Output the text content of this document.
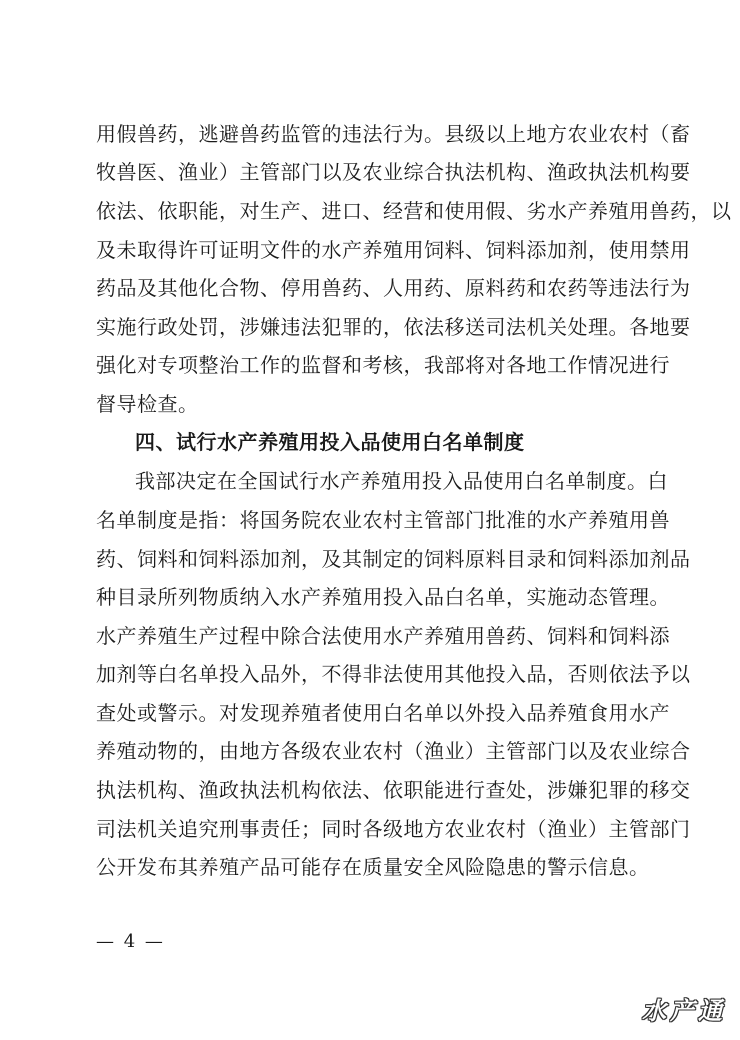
用假兽药，逃避兽药监管的违法行为。县级以上地方农业农村（畜
牧兽医、渔业）主管部门以及农业综合执法机构、渔政执法机构要
依法、依职能，对生产、进口、经营和使用假、劣水产养殖用兽药，以
及未取得许可证明文件的水产养殖用饲料、饲料添加剂，使用禁用
药品及其他化合物、停用兽药、人用药、原料药和农药等违法行为
实施行政处罚，涉嫌违法犯罪的，依法移送司法机关处理。各地要
强化对专项整治工作的监督和考核，我部将对各地工作情况进行
督导检查。
四、试行水产养殖用投入品使用白名单制度
我部决定在全国试行水产养殖用投入品使用白名单制度。白
名单制度是指：将国务院农业农村主管部门批准的水产养殖用兽
药、饲料和饲料添加剂，及其制定的饲料原料目录和饲料添加剂品
种目录所列物质纳入水产养殖用投入品白名单，实施动态管理。
水产养殖生产过程中除合法使用水产养殖用兽药、饲料和饲料添
加剂等白名单投入品外，不得非法使用其他投入品，否则依法予以
查处或警示。对发现养殖者使用白名单以外投入品养殖食用水产
养殖动物的，由地方各级农业农村（渔业）主管部门以及农业综合
执法机构、渔政执法机构依法、依职能进行查处，涉嫌犯罪的移交
司法机关追究刑事责任；同时各级地方农业农村（渔业）主管部门
公开发布其养殖产品可能存在质量安全风险隐患的警示信息。
— 4 —
水产通
